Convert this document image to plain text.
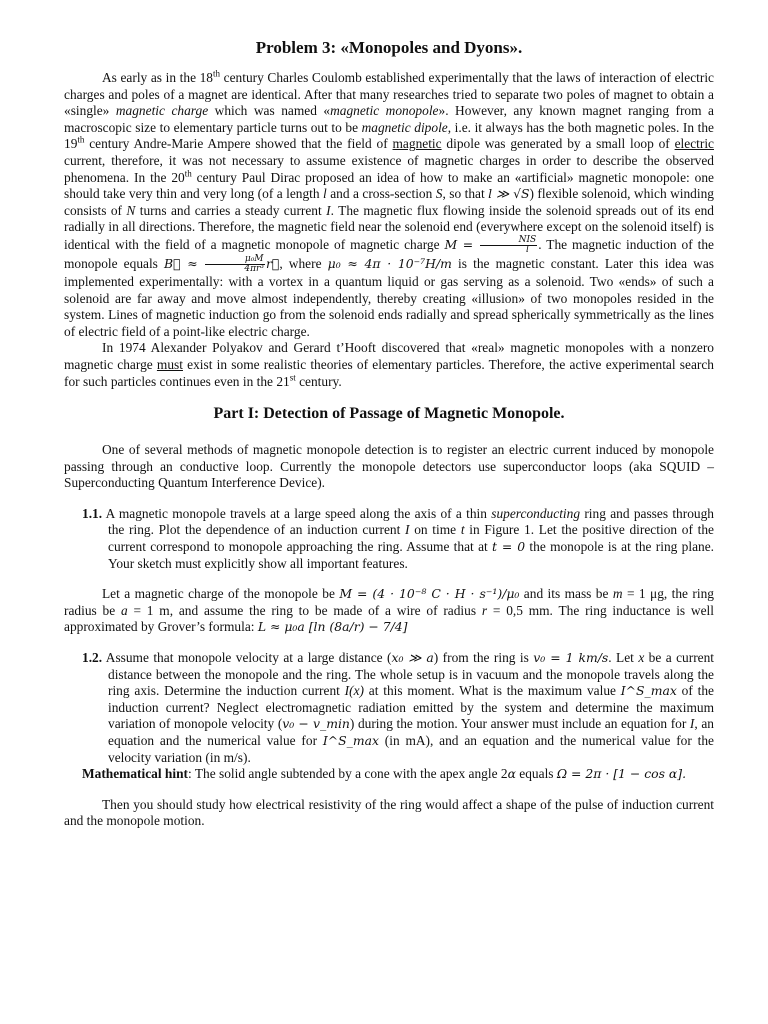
Problem 3: «Monopoles and Dyons».

As early as in the 18th century Charles Coulomb established experimentally that the laws of interaction of electric charges and poles of a magnet are identical. After that many researches tried to separate two poles of magnet to obtain a «single» magnetic charge which was named «magnetic monopole». However, any known magnet ranging from a macroscopic size to elementary particle turns out to be magnetic dipole, i.e. it always has the both magnetic poles. In the 19th century Andre-Marie Ampere showed that the field of magnetic dipole was generated by a small loop of electric current, therefore, it was not necessary to assume existence of magnetic charges in order to describe the observed phenomena. In the 20th century Paul Dirac proposed an idea of how to make an «artificial» magnetic monopole: one should take very thin and very long (of a length l and a cross-section S, so that l ≫ √S) flexible solenoid, which winding consists of N turns and carries a steady current I. The magnetic flux flowing inside the solenoid spreads out of its end radially in all directions. Therefore, the magnetic field near the solenoid end (everywhere except on the solenoid itself) is identical with the field of a magnetic monopole of magnetic charge $M = \frac{\text{NIS}}{l}$ . The magnetic induction of the monopole equals B⃗ ≈ $\frac{\text{μ₀M}}{\text{4πr³}}$ r⃗, where μ₀ ≈ 4π · 10⁻⁷H/m is the magnetic constant. Later this idea was implemented experimentally: with a vortex in a quantum liquid or gas serving as a solenoid. Two «ends» of such a solenoid are far away and move almost independently, thereby creating «illusion» of two monopoles resided in the system. Lines of magnetic induction go from the solenoid ends radially and spread spherically symmetrically as the lines of electric field of a point-like electric charge.

In 1974 Alexander Polyakov and Gerard t’Hooft discovered that «real» magnetic monopoles with a nonzero magnetic charge must exist in some realistic theories of elementary particles. Therefore, the active experimental search for such particles continues even in the 21st century.

Part I: Detection of Passage of Magnetic Monopole.

One of several methods of magnetic monopole detection is to register an electric current induced by monopole passing through an conductive loop. Currently the monopole detectors use superconductor loops (aka SQUID – Superconducting Quantum Interference Device).

1.1. A magnetic monopole travels at a large speed along the axis of a thin superconducting ring and passes through the ring. Plot the dependence of an induction current I on time t in Figure 1. Let the positive direction of the current correspond to monopole approaching the ring. Assume that at t = 0 the monopole is at the ring plane. Your sketch must explicitly show all important features.

Let a magnetic charge of the monopole be M = (4 · 10⁻⁸ C · H · s⁻¹)/μ₀ and its mass be m = 1 μg, the ring radius be a = 1 m, and assume the ring to be made of a wire of radius r = 0,5 mm. The ring inductance is well approximated by Grover’s formula: L ≈ μ₀a [ln (8a/r) − 7/4]

1.2. Assume that monopole velocity at a large distance (x₀ ≫ a) from the ring is v₀ = 1 km/s. Let x be a current distance between the monopole and the ring. The whole setup is in vacuum and the monopole travels along the ring axis. Determine the induction current I(x) at this moment. What is the maximum value I^S_max of the induction current? Neglect electromagnetic radiation emitted by the system and determine the maximum variation of monopole velocity (v₀ − v_min) during the motion. Your answer must include an equation for I, an equation and the numerical value for I^S_max (in mA), and an equation and the numerical value for the velocity variation (in m/s).

Mathematical hint: The solid angle subtended by a cone with the apex angle 2α equals Ω = 2π · [1 − cos α].

Then you should study how electrical resistivity of the ring would affect a shape of the pulse of induction current and the monopole motion.
